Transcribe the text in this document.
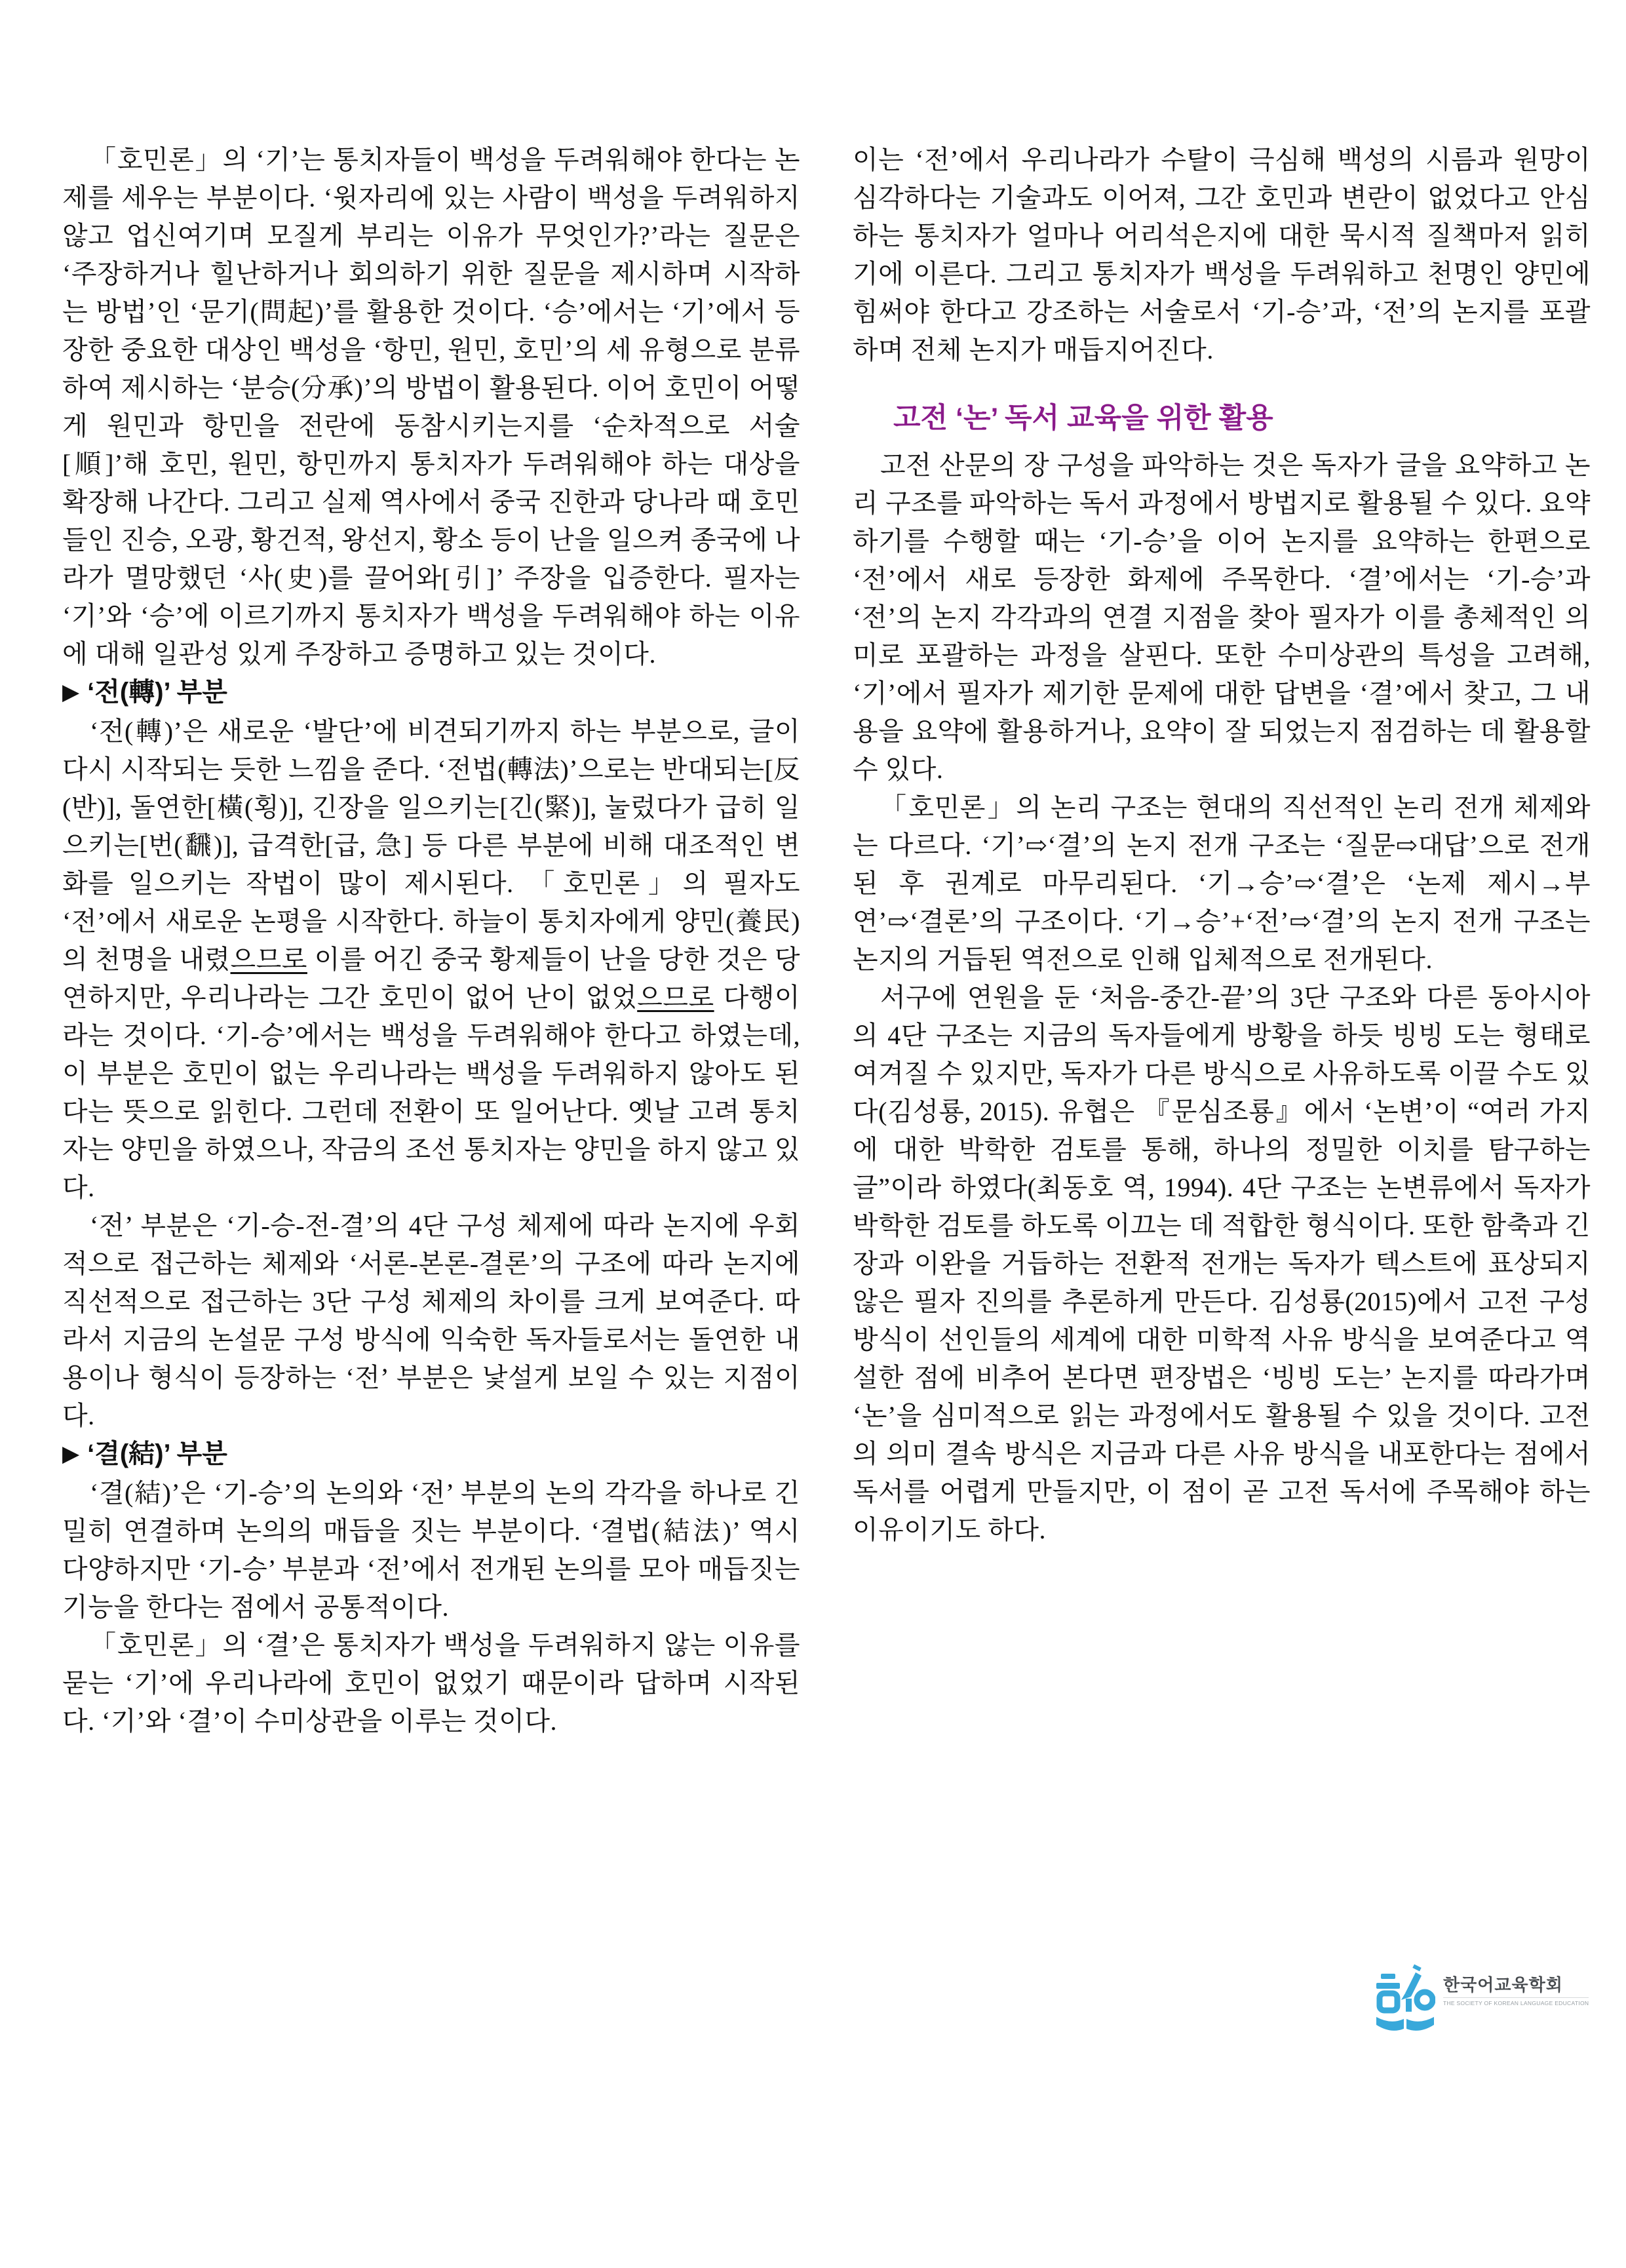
「호민론」의 ‘기’는 통치자들이 백성을 두려워해야 한다는 논제를 세우는 부분이다. ‘윗자리에 있는 사람이 백성을 두려워하지 않고 업신여기며 모질게 부리는 이유가 무엇인가?’라는 질문은 ‘주장하거나 힐난하거나 회의하기 위한 질문을 제시하며 시작하는 방법’인 ‘문기(問起)’를 활용한 것이다. ‘승’에서는 ‘기’에서 등장한 중요한 대상인 백성을 ‘항민, 원민, 호민’의 세 유형으로 분류하여 제시하는 ‘분승(分承)’의 방법이 활용된다. 이어 호민이 어떻게 원민과 항민을 전란에 동참시키는지를 ‘순차적으로 서술[順]’해 호민, 원민, 항민까지 통치자가 두려워해야 하는 대상을 확장해 나간다. 그리고 실제 역사에서 중국 진한과 당나라 때 호민들인 진승, 오광, 황건적, 왕선지, 황소 등이 난을 일으켜 종국에 나라가 멸망했던 ‘사(史)를 끌어와[引]’ 주장을 입증한다. 필자는 ‘기’와 ‘승’에 이르기까지 통치자가 백성을 두려워해야 하는 이유에 대해 일관성 있게 주장하고 증명하고 있는 것이다.

▶ ‘전(轉)’ 부분

‘전(轉)’은 새로운 ‘발단’에 비견되기까지 하는 부분으로, 글이 다시 시작되는 듯한 느낌을 준다. ‘전법(轉法)’으로는 반대되는[反(반)], 돌연한[橫(횡)], 긴장을 일으키는[긴(緊)], 눌렀다가 급히 일으키는[번(飜)], 급격한[급, 急] 등 다른 부분에 비해 대조적인 변화를 일으키는 작법이 많이 제시된다. 「호민론」의 필자도 ‘전’에서 새로운 논평을 시작한다. 하늘이 통치자에게 양민(養民)의 천명을 내렸으므로 이를 어긴 중국 황제들이 난을 당한 것은 당연하지만, 우리나라는 그간 호민이 없어 난이 없었으므로 다행이라는 것이다. ‘기-승’에서는 백성을 두려워해야 한다고 하였는데, 이 부분은 호민이 없는 우리나라는 백성을 두려워하지 않아도 된다는 뜻으로 읽힌다. 그런데 전환이 또 일어난다. 옛날 고려 통치자는 양민을 하였으나, 작금의 조선 통치자는 양민을 하지 않고 있다.

‘전’ 부분은 ‘기-승-전-결’의 4단 구성 체제에 따라 논지에 우회적으로 접근하는 체제와 ‘서론-본론-결론’의 구조에 따라 논지에 직선적으로 접근하는 3단 구성 체제의 차이를 크게 보여준다. 따라서 지금의 논설문 구성 방식에 익숙한 독자들로서는 돌연한 내용이나 형식이 등장하는 ‘전’ 부분은 낯설게 보일 수 있는 지점이다.

▶ ‘결(結)’ 부분

‘결(結)’은 ‘기-승’의 논의와 ‘전’ 부분의 논의 각각을 하나로 긴밀히 연결하며 논의의 매듭을 짓는 부분이다. ‘결법(結法)’ 역시 다양하지만 ‘기-승’ 부분과 ‘전’에서 전개된 논의를 모아 매듭짓는 기능을 한다는 점에서 공통적이다.

「호민론」의 ‘결’은 통치자가 백성을 두려워하지 않는 이유를 묻는 ‘기’에 우리나라에 호민이 없었기 때문이라 답하며 시작된다. ‘기’와 ‘결’이 수미상관을 이루는 것이다.

이는 ‘전’에서 우리나라가 수탈이 극심해 백성의 시름과 원망이 심각하다는 기술과도 이어져, 그간 호민과 변란이 없었다고 안심하는 통치자가 얼마나 어리석은지에 대한 묵시적 질책마저 읽히기에 이른다. 그리고 통치자가 백성을 두려워하고 천명인 양민에 힘써야 한다고 강조하는 서술로서 ‘기-승’과, ‘전’의 논지를 포괄하며 전체 논지가 매듭지어진다.

고전 ‘논’ 독서 교육을 위한 활용

고전 산문의 장 구성을 파악하는 것은 독자가 글을 요약하고 논리 구조를 파악하는 독서 과정에서 방법지로 활용될 수 있다. 요약하기를 수행할 때는 ‘기-승’을 이어 논지를 요약하는 한편으로 ‘전’에서 새로 등장한 화제에 주목한다. ‘결’에서는 ‘기-승’과 ‘전’의 논지 각각과의 연결 지점을 찾아 필자가 이를 총체적인 의미로 포괄하는 과정을 살핀다. 또한 수미상관의 특성을 고려해, ‘기’에서 필자가 제기한 문제에 대한 답변을 ‘결’에서 찾고, 그 내용을 요약에 활용하거나, 요약이 잘 되었는지 점검하는 데 활용할 수 있다.

「호민론」의 논리 구조는 현대의 직선적인 논리 전개 체제와는 다르다. ‘기’⇨‘결’의 논지 전개 구조는 ‘질문⇨대답’으로 전개된 후 권계로 마무리된다. ‘기→승’⇨‘결’은 ‘논제 제시→부연’⇨‘결론’의 구조이다. ‘기→승’+‘전’⇨‘결’의 논지 전개 구조는 논지의 거듭된 역전으로 인해 입체적으로 전개된다.

서구에 연원을 둔 ‘처음-중간-끝’의 3단 구조와 다른 동아시아의 4단 구조는 지금의 독자들에게 방황을 하듯 빙빙 도는 형태로 여겨질 수 있지만, 독자가 다른 방식으로 사유하도록 이끌 수도 있다(김성룡, 2015). 유협은 『문심조룡』에서 ‘논변’이 “여러 가지에 대한 박학한 검토를 통해, 하나의 정밀한 이치를 탐구하는 글”이라 하였다(최동호 역, 1994). 4단 구조는 논변류에서 독자가 박학한 검토를 하도록 이끄는 데 적합한 형식이다. 또한 함축과 긴장과 이완을 거듭하는 전환적 전개는 독자가 텍스트에 표상되지 않은 필자 진의를 추론하게 만든다. 김성룡(2015)에서 고전 구성 방식이 선인들의 세계에 대한 미학적 사유 방식을 보여준다고 역설한 점에 비추어 본다면 편장법은 ‘빙빙 도는’ 논지를 따라가며 ‘논’을 심미적으로 읽는 과정에서도 활용될 수 있을 것이다. 고전의 의미 결속 방식은 지금과 다른 사유 방식을 내포한다는 점에서 독서를 어렵게 만들지만, 이 점이 곧 고전 독서에 주목해야 하는 이유이기도 하다.

한국어교육학회
THE SOCIETY OF KOREAN LANGUAGE EDUCATION
